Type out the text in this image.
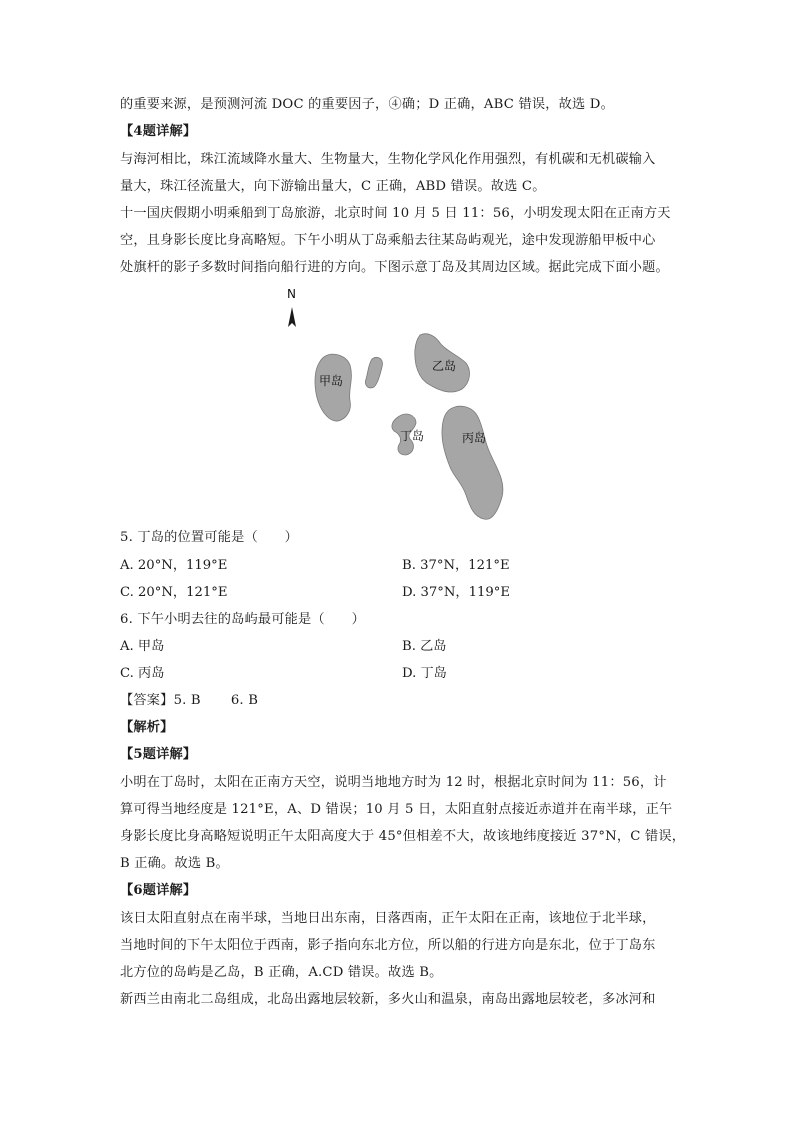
的重要来源，是预测河流 DOC 的重要因子，④确；D 正确，ABC 错误，故选 D。
【4题详解】
与海河相比，珠江流域降水量大、生物量大，生物化学风化作用强烈，有机碳和无机碳输入
量大，珠江径流量大，向下游输出量大，C 正确，ABD 错误。故选 C。
十一国庆假期小明乘船到丁岛旅游，北京时间 10 月 5 日 11：56，小明发现太阳在正南方天
空，且身影长度比身高略短。下午小明从丁岛乘船去往某岛屿观光，途中发现游船甲板中心
处旗杆的影子多数时间指向船行进的方向。下图示意丁岛及其周边区域。据此完成下面小题。
N
甲岛
乙岛
丁岛	丙岛
5. 丁岛的位置可能是（　　）
A. 20°N，119°E	B. 37°N，121°E
C. 20°N，121°E	D. 37°N，119°E
6. 下午小明去往的岛屿最可能是（　　）
A. 甲岛	B. 乙岛
C. 丙岛	D. 丁岛
【答案】5. B 6. B
【解析】
【5题详解】
小明在丁岛时，太阳在正南方天空，说明当地地方时为 12 时，根据北京时间为 11：56，计
算可得当地经度是 121°E，A、D 错误；10 月 5 日，太阳直射点接近赤道并在南半球，正午
身影长度比身高略短说明正午太阳高度大于 45°但相差不大，故该地纬度接近 37°N，C 错误，
B 正确。故选 B。
【6题详解】
该日太阳直射点在南半球，当地日出东南，日落西南，正午太阳在正南，该地位于北半球，
当地时间的下午太阳位于西南，影子指向东北方位，所以船的行进方向是东北，位于丁岛东
北方位的岛屿是乙岛，B 正确，A.CD 错误。故选 B。
新西兰由南北二岛组成，北岛出露地层较新，多火山和温泉，南岛出露地层较老，多冰河和
